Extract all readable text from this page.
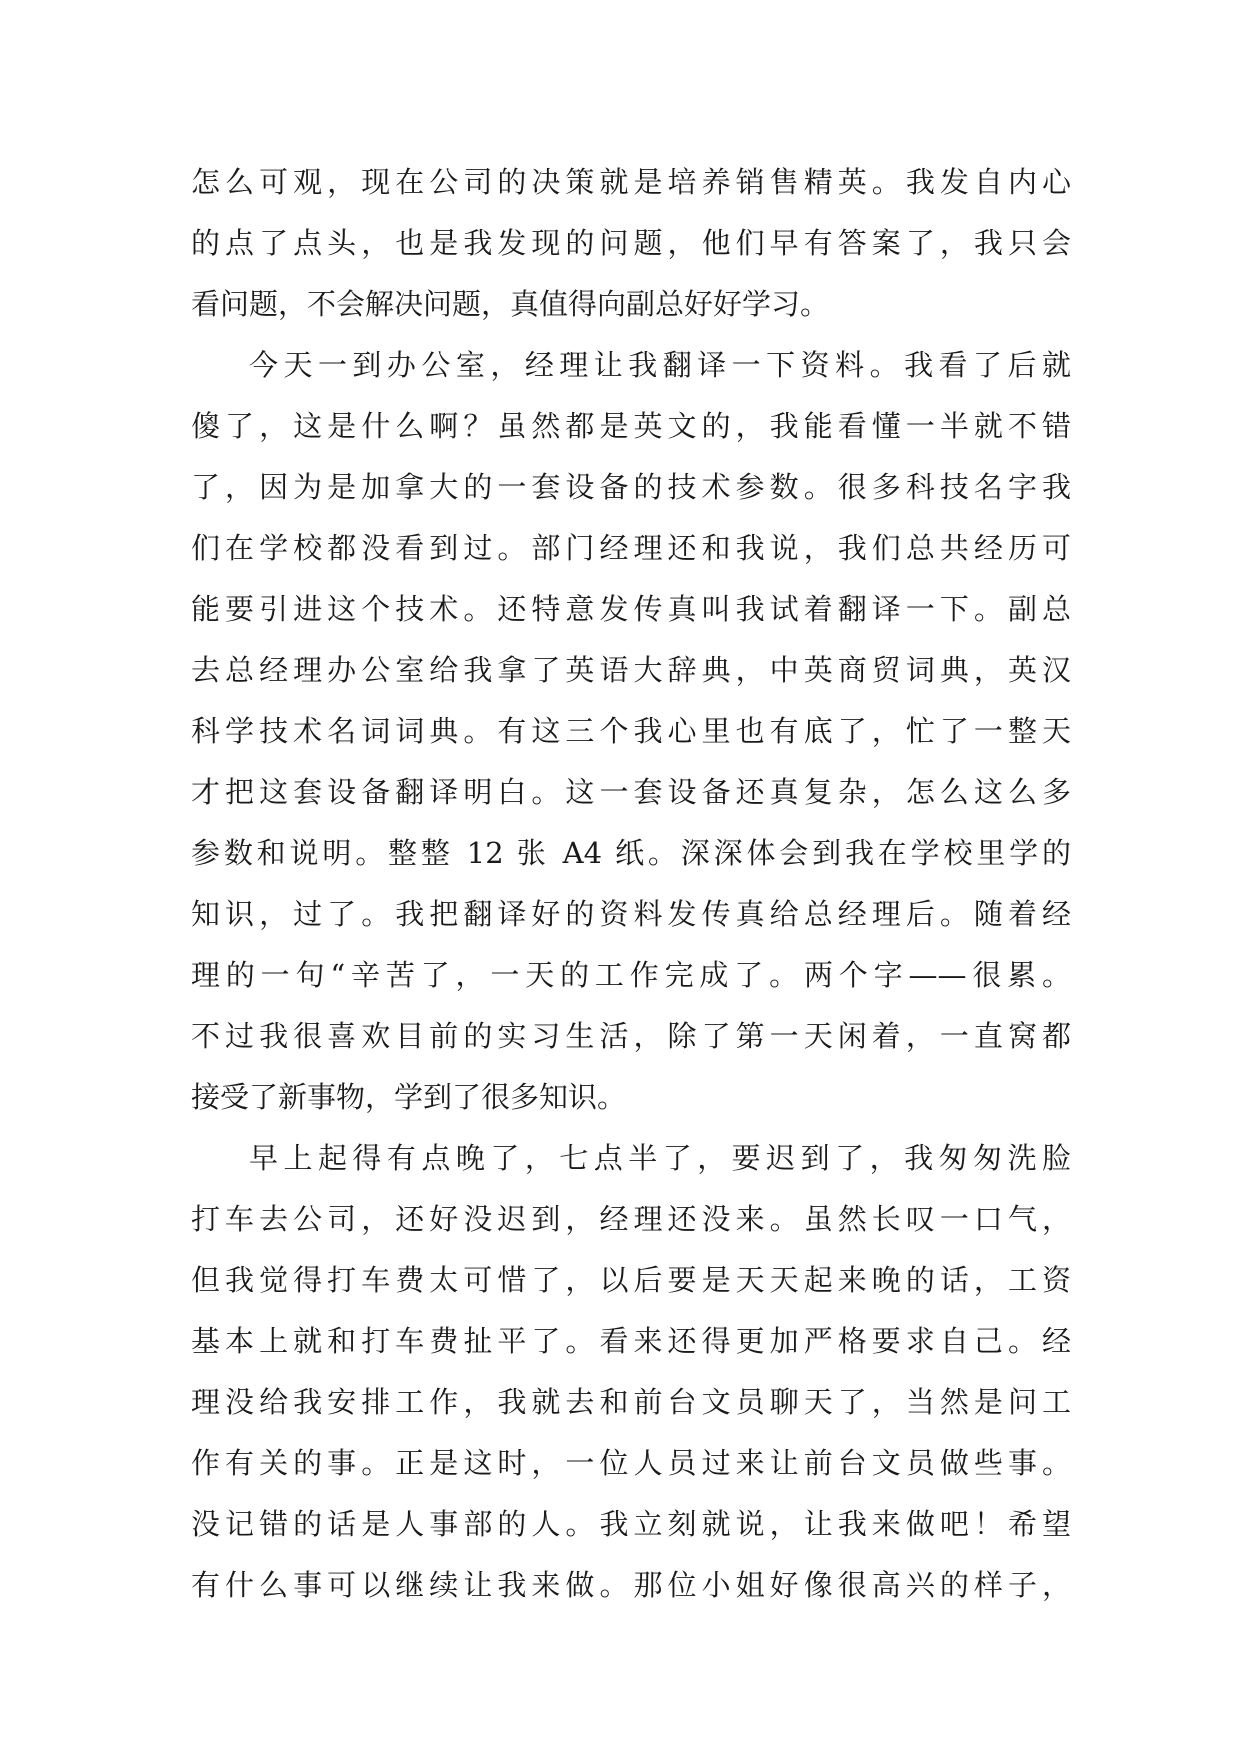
怎么可观，现在公司的决策就是培养销售精英。我发自内心
的点了点头，也是我发现的问题，他们早有答案了，我只会
看问题，不会解决问题，真值得向副总好好学习。
今天一到办公室，经理让我翻译一下资料。我看了后就
傻了，这是什么啊？虽然都是英文的，我能看懂一半就不错
了，因为是加拿大的一套设备的技术参数。很多科技名字我
们在学校都没看到过。部门经理还和我说，我们总共经历可
能要引进这个技术。还特意发传真叫我试着翻译一下。副总
去总经理办公室给我拿了英语大辞典，中英商贸词典，英汉
科学技术名词词典。有这三个我心里也有底了，忙了一整天
才把这套设备翻译明白。这一套设备还真复杂，怎么这么多
参数和说明。整整 12 张 A4 纸。深深体会到我在学校里学的
知识，过了。我把翻译好的资料发传真给总经理后。随着经
理的一句“辛苦了，一天的工作完成了。两个字——很累。
不过我很喜欢目前的实习生活，除了第一天闲着，一直窝都
接受了新事物，学到了很多知识。
早上起得有点晚了，七点半了，要迟到了，我匆匆洗脸
打车去公司，还好没迟到，经理还没来。虽然长叹一口气，
但我觉得打车费太可惜了，以后要是天天起来晚的话，工资
基本上就和打车费扯平了。看来还得更加严格要求自己。经
理没给我安排工作，我就去和前台文员聊天了，当然是问工
作有关的事。正是这时，一位人员过来让前台文员做些事。
没记错的话是人事部的人。我立刻就说，让我来做吧！希望
有什么事可以继续让我来做。那位小姐好像很高兴的样子，
